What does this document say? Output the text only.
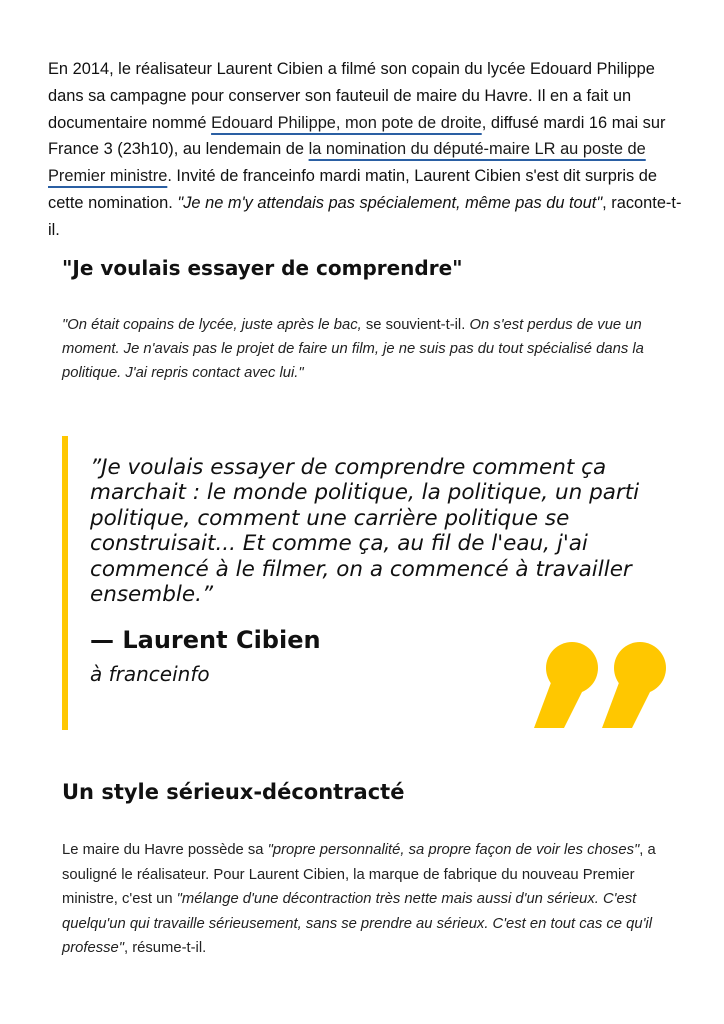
En 2014, le réalisateur Laurent Cibien a filmé son copain du lycée Edouard Philippe dans sa campagne pour conserver son fauteuil de maire du Havre. Il en a fait un documentaire nommé Edouard Philippe, mon pote de droite, diffusé mardi 16 mai sur France 3 (23h10), au lendemain de la nomination du député-maire LR au poste de Premier ministre. Invité de franceinfo mardi matin, Laurent Cibien s'est dit surpris de cette nomination. "Je ne m'y attendais pas spécialement, même pas du tout", raconte-t-il.

"Je voulais essayer de comprendre"

"On était copains de lycée, juste après le bac, se souvient-t-il. On s'est perdus de vue un moment. Je n'avais pas le projet de faire un film, je ne suis pas du tout spécialisé dans la politique. J'ai repris contact avec lui."

”Je voulais essayer de comprendre comment ça marchait : le monde politique, la politique, un parti politique, comment une carrière politique se construisait... Et comme ça, au fil de l'eau, j'ai commencé à le filmer, on a commencé à travailler ensemble.”

— Laurent Cibien

à franceinfo

Un style sérieux-décontracté

Le maire du Havre possède sa "propre personnalité, sa propre façon de voir les choses", a souligné le réalisateur. Pour Laurent Cibien, la marque de fabrique du nouveau Premier ministre, c'est un "mélange d'une décontraction très nette mais aussi d'un sérieux. C'est quelqu'un qui travaille sérieusement, sans se prendre au sérieux. C'est en tout cas ce qu'il professe", résume-t-il.
